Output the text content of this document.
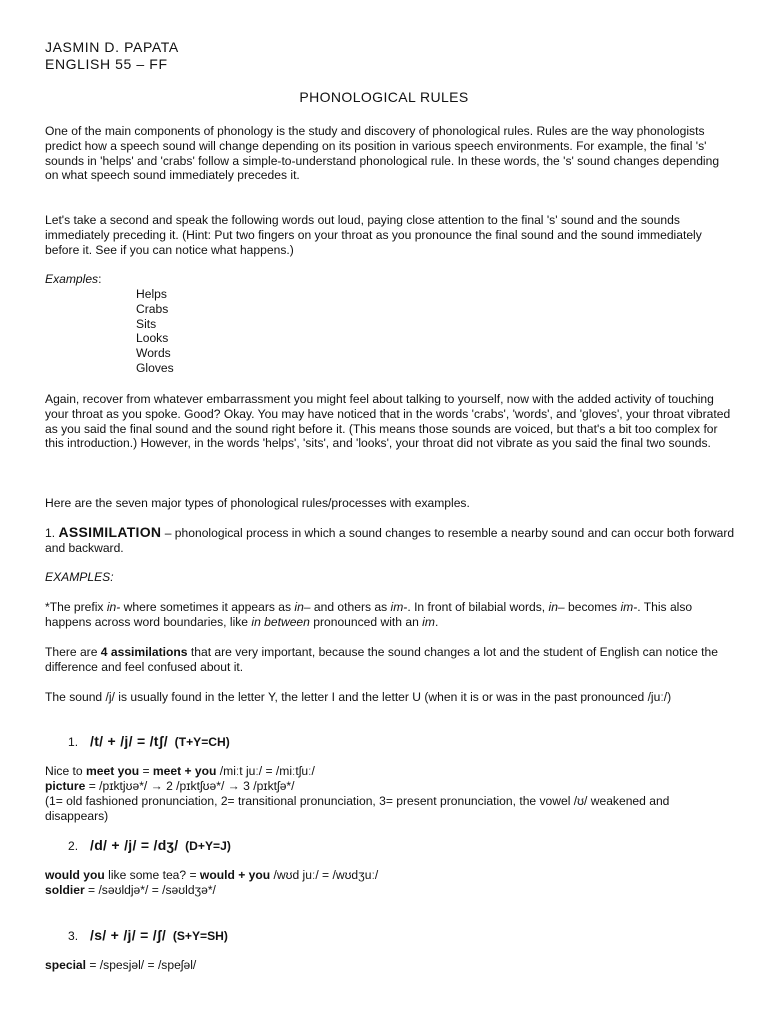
JASMIN D. PAPATA
ENGLISH 55 – FF
PHONOLOGICAL RULES

One of the main components of phonology is the study and discovery of phonological rules. Rules are the way phonologists predict how a speech sound will change depending on its position in various speech environments. For example, the final 's' sounds in 'helps' and 'crabs' follow a simple-to-understand phonological rule. In these words, the 's' sound changes depending on what speech sound immediately precedes it.

Let's take a second and speak the following words out loud, paying close attention to the final 's' sound and the sounds immediately preceding it. (Hint: Put two fingers on your throat as you pronounce the final sound and the sound immediately before it. See if you can notice what happens.)

Examples:

Helps
Crabs
Sits
Looks
Words
Gloves

Again, recover from whatever embarrassment you might feel about talking to yourself, now with the added activity of touching your throat as you spoke. Good? Okay. You may have noticed that in the words 'crabs', 'words', and 'gloves', your throat vibrated as you said the final sound and the sound right before it. (This means those sounds are voiced, but that's a bit too complex for this introduction.) However, in the words 'helps', 'sits', and 'looks', your throat did not vibrate as you said the final two sounds.

Here are the seven major types of phonological rules/processes with examples.

1. ASSIMILATION – phonological process in which a sound changes to resemble a nearby sound and can occur both forward and backward.

EXAMPLES:

*The prefix in- where sometimes it appears as in– and others as im-. In front of bilabial words, in– becomes im-. This also happens across word boundaries, like in between pronounced with an im.

There are 4 assimilations that are very important, because the sound changes a lot and the student of English can notice the difference and feel confused about it.

The sound /j/ is usually found in the letter Y, the letter I and the letter U (when it is or was in the past pronounced /juː/)

1. /t/ + /j/ = /tʃ/ (T+Y=CH)

Nice to meet you = meet + you /miːt juː/ = /miːtʃuː/

picture = /pɪktjʊə*/ → 2 /pɪktʃʊə*/ → 3 /pɪktʃə*/

(1= old fashioned pronunciation, 2= transitional pronunciation, 3= present pronunciation, the vowel /ʊ/ weakened and disappears)

2. /d/ + /j/ = /dʒ/ (D+Y=J)

would you like some tea? = would + you /wʊd juː/ = /wʊdʒuː/

soldier = /səʊldjə*/ = /səʊldʒə*/

3. /s/ + /j/ = /ʃ/ (S+Y=SH)

special = /spesjəl/ = /speʃəl/
